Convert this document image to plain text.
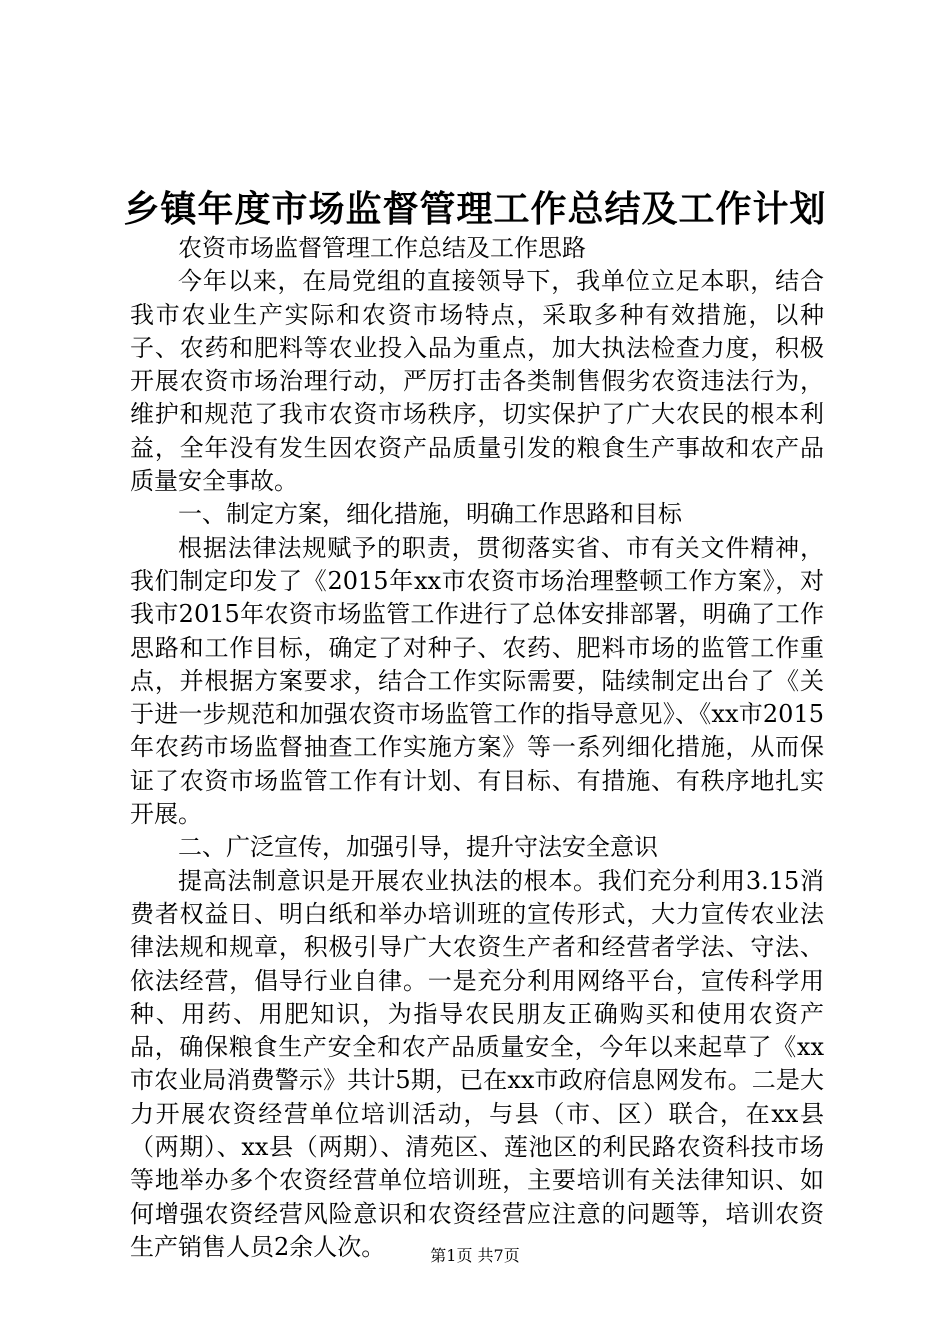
乡镇年度市场监督管理工作总结及工作计划

农资市场监督管理工作总结及工作思路

今年以来，在局党组的直接领导下，我单位立足本职，结合我市农业生产实际和农资市场特点，采取多种有效措施，以种子、农药和肥料等农业投入品为重点，加大执法检查力度，积极开展农资市场治理行动，严厉打击各类制售假劣农资违法行为，维护和规范了我市农资市场秩序，切实保护了广大农民的根本利益，全年没有发生因农资产品质量引发的粮食生产事故和农产品质量安全事故。

一、制定方案，细化措施，明确工作思路和目标

根据法律法规赋予的职责，贯彻落实省、市有关文件精神，我们制定印发了《2015年xx市农资市场治理整顿工作方案》，对我市2015年农资市场监管工作进行了总体安排部署，明确了工作思路和工作目标，确定了对种子、农药、肥料市场的监管工作重点，并根据方案要求，结合工作实际需要，陆续制定出台了《关于进一步规范和加强农资市场监管工作的指导意见》、《xx市2015年农药市场监督抽查工作实施方案》等一系列细化措施，从而保证了农资市场监管工作有计划、有目标、有措施、有秩序地扎实开展。

二、广泛宣传，加强引导，提升守法安全意识

提高法制意识是开展农业执法的根本。我们充分利用3.15消费者权益日、明白纸和举办培训班的宣传形式，大力宣传农业法律法规和规章，积极引导广大农资生产者和经营者学法、守法、依法经营，倡导行业自律。一是充分利用网络平台，宣传科学用种、用药、用肥知识，为指导农民朋友正确购买和使用农资产品，确保粮食生产安全和农产品质量安全，今年以来起草了《xx市农业局消费警示》共计5期，已在xx市政府信息网发布。二是大力开展农资经营单位培训活动，与县（市、区）联合，在xx县（两期）、xx县（两期）、清苑区、莲池区的利民路农资科技市场等地举办多个农资经营单位培训班，主要培训有关法律知识、如何增强农资经营风险意识和农资经营应注意的问题等，培训农资生产销售人员2余人次。	第1页 共7页
